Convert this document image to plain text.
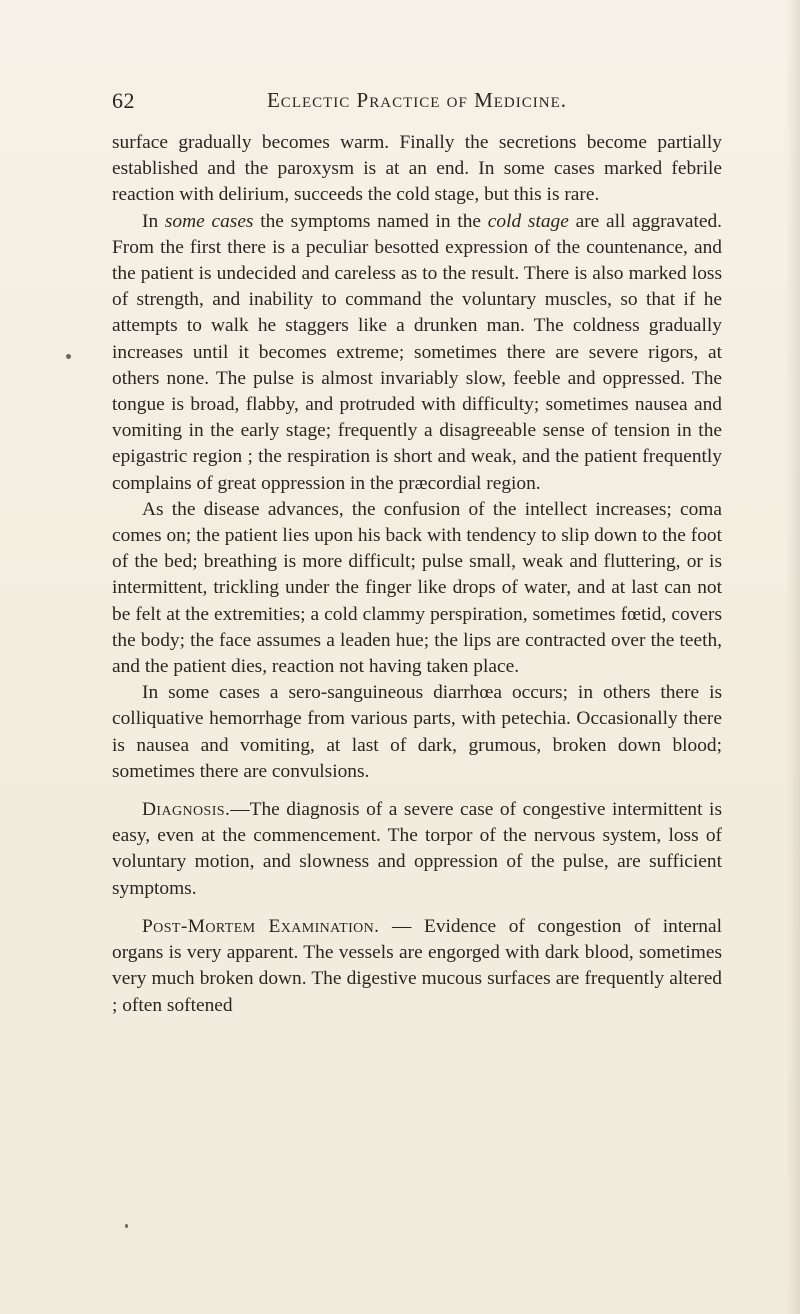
62	Eclectic Practice of Medicine.

surface gradually becomes warm. Finally the secretions become partially established and the paroxysm is at an end. In some cases marked febrile reaction with delirium, succeeds the cold stage, but this is rare.

In some cases the symptoms named in the cold stage are all aggravated. From the first there is a peculiar besotted expression of the countenance, and the patient is undecided and careless as to the result. There is also marked loss of strength, and inability to command the voluntary muscles, so that if he attempts to walk he staggers like a drunken man. The coldness gradually increases until it becomes extreme; sometimes there are severe rigors, at others none. The pulse is almost invariably slow, feeble and oppressed. The tongue is broad, flabby, and protruded with difficulty; sometimes nausea and vomiting in the early stage; frequently a disagreeable sense of tension in the epigastric region ; the respiration is short and weak, and the patient frequently complains of great oppression in the præcordial region.

As the disease advances, the confusion of the intellect increases; coma comes on; the patient lies upon his back with tendency to slip down to the foot of the bed; breathing is more difficult; pulse small, weak and fluttering, or is intermittent, trickling under the finger like drops of water, and at last can not be felt at the extremities; a cold clammy perspiration, sometimes fœtid, covers the body; the face assumes a leaden hue; the lips are contracted over the teeth, and the patient dies, reaction not having taken place.

In some cases a sero-sanguineous diarrhœa occurs; in others there is colliquative hemorrhage from various parts, with petechia. Occasionally there is nausea and vomiting, at last of dark, grumous, broken down blood; sometimes there are convulsions.

Diagnosis.—The diagnosis of a severe case of congestive intermittent is easy, even at the commencement. The torpor of the nervous system, loss of voluntary motion, and slowness and oppression of the pulse, are sufficient symptoms.

Post-Mortem Examination. — Evidence of congestion of internal organs is very apparent. The vessels are engorged with dark blood, sometimes very much broken down. The digestive mucous surfaces are frequently altered ; often softened
